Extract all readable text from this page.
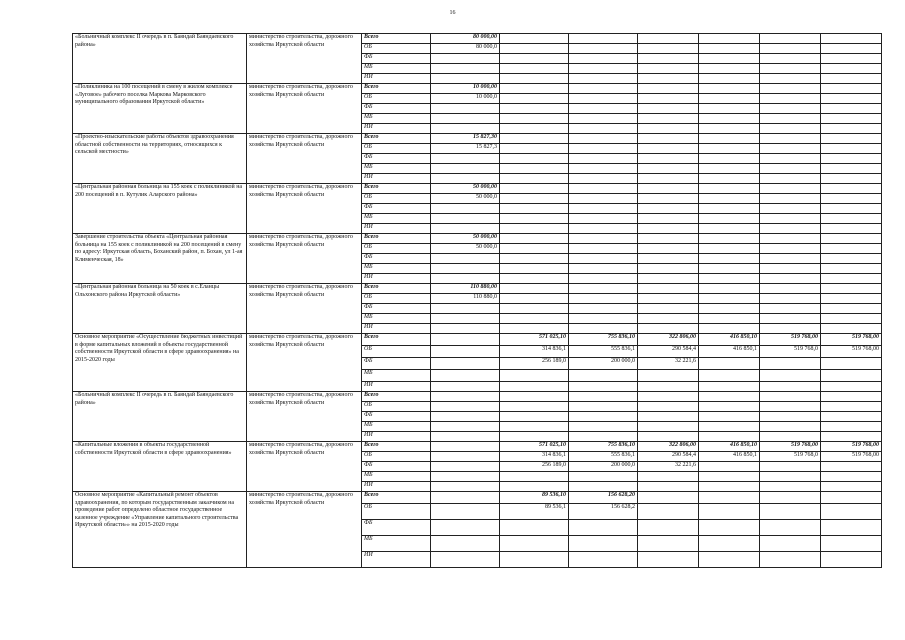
16
«Больничный комплекс II очередь в п. Баяндай Баяндаевского района»	министерство строительства, дорожного хозяйства Иркутской области	Всего	80 000,00						
		ОБ	80 000,0						
		ФБ							
		МБ							
		ИИ							
«Поликлиника на 100 посещений в смену в жилом комплексе «Луговое» рабочего поселка Маркова Марковского муниципального образования Иркутской области»	министерство строительства, дорожного хозяйства Иркутской области	Всего	10 000,00						
		ОБ	10 000,0						
		ФБ							
		МБ							
		ИИ							
«Проектно-изыскательские работы объектов здравоохранения областной собственности на территориях, относящихся к сельской местности»	министерство строительства, дорожного хозяйства Иркутской области	Всего	15 827,30						
		ОБ	15 827,3						
		ФБ							
		МБ							
		ИИ							
«Центральная районная больница на 155 коек с поликлиникой на 200 посещений в п. Кутулик Аларского района»	министерство строительства, дорожного хозяйства Иркутской области	Всего	50 000,00						
		ОБ	50 000,0						
		ФБ							
		МБ							
		ИИ							
Завершение строительства объекта «Центральная районная больница на 155 коек с поликлиникой на 200 посещений в смену по адресу: Иркутская область, Боханский район, п. Бохан, ул 1-ая Клименческая, 18»	министерство строительства, дорожного хозяйства Иркутской области	Всего	50 000,00						
		ОБ	50 000,0						
		ФБ							
		МБ							
		ИИ							
«Центральная районная больница на 50 коек в с.Еланцы Ольхонского района Иркутской области»	министерство строительства, дорожного хозяйства Иркутской области	Всего	110 880,00						
		ОБ	110 880,0						
		ФБ							
		МБ							
		ИИ							
Основное мероприятие «Осуществление бюджетных инвестиций в форме капитальных вложений в объекты государственной собственности Иркутской области в сфере здравоохранения» на 2015-2020 годы	министерство строительства, дорожного хозяйства Иркутской области	Всего		571 025,10	755 836,10	322 806,00	416 850,10	519 768,00	519 768,00
		ОБ		314 836,1	555 836,1	290 584,4	416 850,1	519 768,0	519 768,00
		ФБ		256 189,0	200 000,0	32 221,6			
		МБ							
		ИИ							
«Больничный комплекс II очередь в п. Баяндай Баяндаевского района»	министерство строительства, дорожного хозяйства Иркутской области	Всего							
		ОБ							
		ФБ							
		МБ							
		ИИ							
«Капитальные вложения в объекты государственной собственности Иркутской области в сфере здравоохранения»	министерство строительства, дорожного хозяйства Иркутской области	Всего		571 025,10	755 836,10	322 806,00	416 850,10	519 768,00	519 768,00
		ОБ		314 836,1	555 836,1	290 584,4	416 850,1	519 768,0	519 768,00
		ФБ		256 189,0	200 000,0	32 221,6			
		МБ							
		ИИ							
Основное мероприятие «Капитальный ремонт объектов здравоохранения, по которым государственным заказчиком на проведение работ определено областное государственное казенное учреждение «Управление капитального строительства Иркутской области»» на 2015-2020 годы	министерство строительства, дорожного хозяйства Иркутской области	Всего		89 536,10	156 628,20				
		ОБ		89 536,1	156 628,2				
		ФБ							
		МБ							
		ИИ							
